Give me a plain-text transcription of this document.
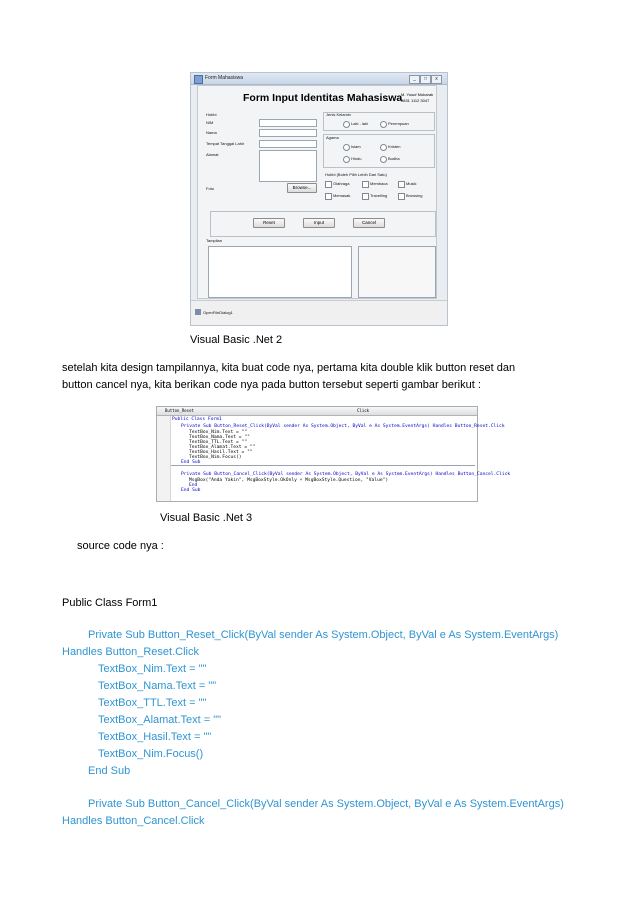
Form Mahasiswa	_	□	x
Form Input Identitas Mahasiswa
M. Yusuf Mubarak
0831 1112 3047
Hobbi
NIM
Nama
Tempat Tanggal Lahir
Alamat
Foto	Browse...
Jenis Kelamin
Laki - laki	Perempuan
Agama
Islam	Kristen
Hindu	Budha
Hobbi (Boleh Pilih Lebih Dari Satu)
Olahraga	Membaca	Musik
Memasak	Travelling	Browsing
Reset	Input	Cancel
Tampilan
OpenFileDialog1
Visual Basic .Net 2
setelah kita design tampilannya, kita buat code nya, pertama kita double klik button reset dan
button cancel nya, kita berikan code nya pada button tersebut seperti gambar berikut :
Button_Reset	Click
Public Class Form1
Private Sub Button_Reset_Click(ByVal sender As System.Object, ByVal e As System.EventArgs) Handles Button_Reset.Click
TextBox_Nim.Text = ""
TextBox_Nama.Text = ""
TextBox_TTL.Text = ""
TextBox_Alamat.Text = ""
TextBox_Hasil.Text = ""
TextBox_Nim.Focus()
End Sub
Private Sub Button_Cancel_Click(ByVal sender As System.Object, ByVal e As System.EventArgs) Handles Button_Cancel.Click
MsgBox("Anda Yakin", MsgBoxStyle.OkOnly + MsgBoxStyle.Question, "Value")
End
End Sub
Visual Basic .Net 3
source code nya :
Public Class Form1
Private Sub Button_Reset_Click(ByVal sender As System.Object, ByVal e As System.EventArgs)
Handles Button_Reset.Click
TextBox_Nim.Text = ""
TextBox_Nama.Text = ""
TextBox_TTL.Text = ""
TextBox_Alamat.Text = ""
TextBox_Hasil.Text = ""
TextBox_Nim.Focus()
End Sub
Private Sub Button_Cancel_Click(ByVal sender As System.Object, ByVal e As System.EventArgs)
Handles Button_Cancel.Click
